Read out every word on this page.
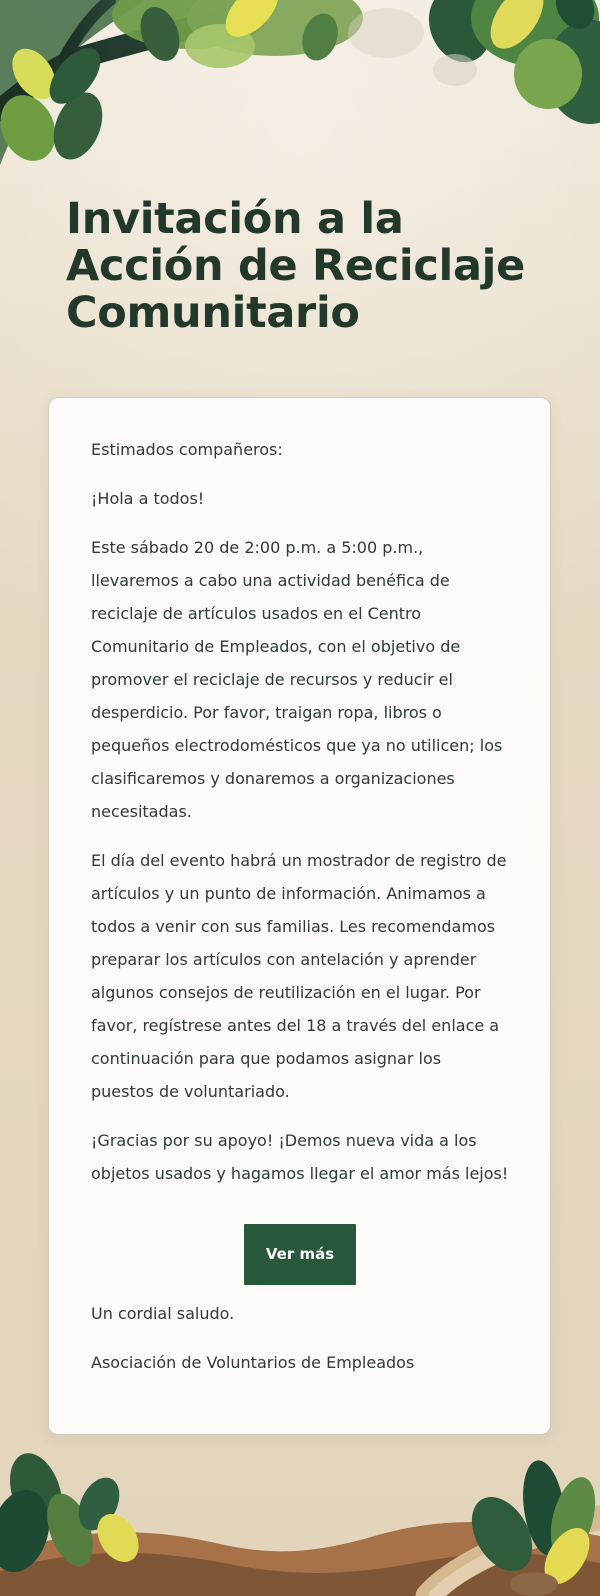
Invitación a la Acción de Reciclaje Comunitario

Estimados compañeros:

¡Hola a todos!

Este sábado 20 de 2:00 p.m. a 5:00 p.m., llevaremos a cabo una actividad benéfica de reciclaje de artículos usados en el Centro Comunitario de Empleados, con el objetivo de promover el reciclaje de recursos y reducir el desperdicio. Por favor, traigan ropa, libros o pequeños electrodomésticos que ya no utilicen; los clasificaremos y donaremos a organizaciones necesitadas.

El día del evento habrá un mostrador de registro de artículos y un punto de información. Animamos a todos a venir con sus familias. Les recomendamos preparar los artículos con antelación y aprender algunos consejos de reutilización en el lugar. Por favor, regístrese antes del 18 a través del enlace a continuación para que podamos asignar los puestos de voluntariado.

¡Gracias por su apoyo! ¡Demos nueva vida a los objetos usados y hagamos llegar el amor más lejos!

Ver más

Un cordial saludo.

Asociación de Voluntarios de Empleados
